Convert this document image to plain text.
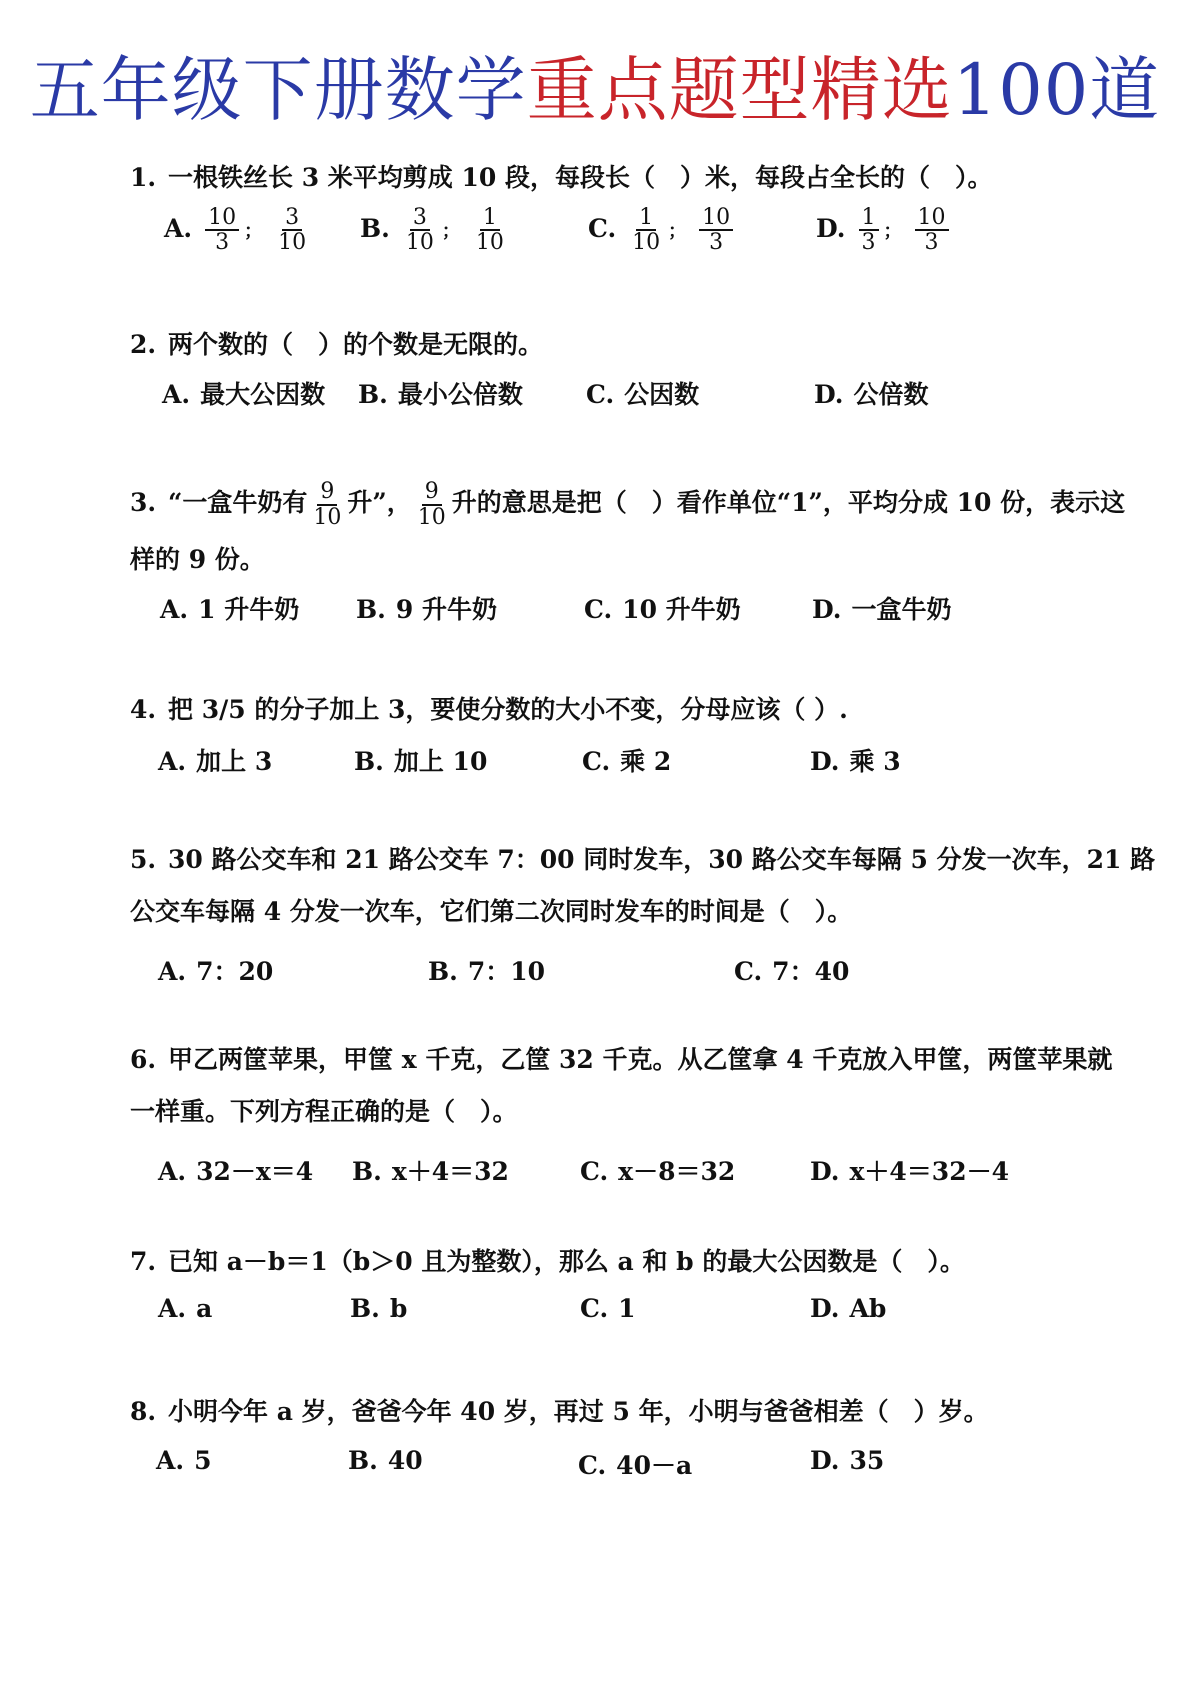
五年级下册数学重点题型精选100道
1. 一根铁丝长 3 米平均剪成 10 段，每段长（　）米，每段占全长的（　）。
A. $\frac{10}{3}$ ； $\frac{3}{10} B$. $\frac{3}{10}$ ； $\frac{1}{10}$	C. $\frac{1}{10}$ ； $\frac{10}{3}$	D. $\frac{1}{3}$ ； $\frac{10}{3}$
2. 两个数的（　）的个数是无限的。
A. 最大公因数 B. 最小公倍数	C. 公因数	D. 公倍数
3. “一盒牛奶有 $\frac{9}{10}$ 升”， $\frac{9}{10}$ 升的意思是把（　）看作单位“1”，平均分成 10 份，表示这
样的 9 份。
A. 1 升牛奶 B. 9 升牛奶	C. 10 升牛奶	D. 一盒牛奶
4. 把 3/5 的分子加上 3，要使分数的大小不变，分母应该（ ）.
A. 加上 3	B. 加上 10	C. 乘 2	D. 乘 3
5. 30 路公交车和 21 路公交车 7：00 同时发车，30 路公交车每隔 5 分发一次车，21 路
公交车每隔 4 分发一次车，它们第二次同时发车的时间是（　）。
A. 7：20	B. 7：10	C. 7：40
6. 甲乙两筐苹果，甲筐 x 千克，乙筐 32 千克。从乙筐拿 4 千克放入甲筐，两筐苹果就
一样重。下列方程正确的是（　）。
A. 32－x＝4 B. x＋4＝32	C. x－8＝32	D. x＋4＝32－4
7. 已知 a－b＝1（b＞0 且为整数），那么 a 和 b 的最大公因数是（　）。
A. a	B. b	C. 1	D. Ab
8. 小明今年 a 岁，爸爸今年 40 岁，再过 5 年，小明与爸爸相差（　）岁。
A. 5	B. 40	C. 40－a	D. 35
